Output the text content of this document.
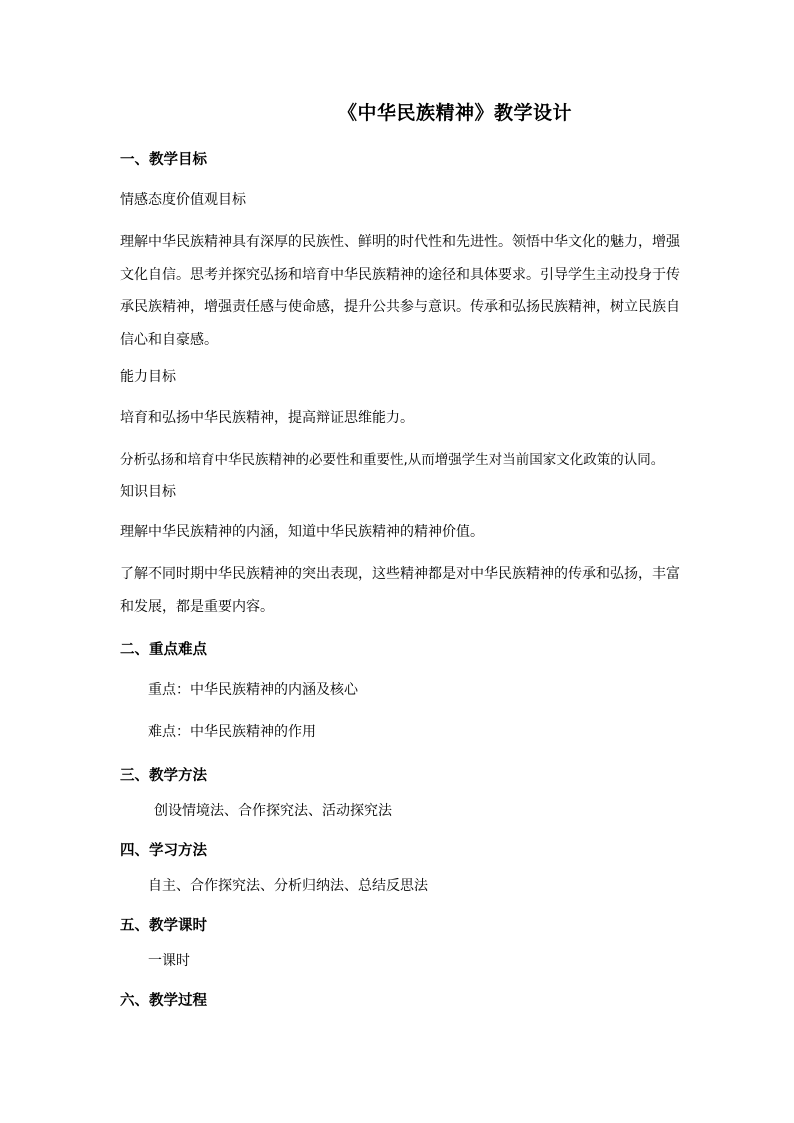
《中华民族精神》教学设计
一、教学目标
情感态度价值观目标
理解中华民族精神具有深厚的民族性、鲜明的时代性和先进性。领悟中华文化的魅力，增强
文化自信。思考并探究弘扬和培育中华民族精神的途径和具体要求。引导学生主动投身于传
承民族精神，增强责任感与使命感，提升公共参与意识。传承和弘扬民族精神，树立民族自
信心和自豪感。
能力目标
培育和弘扬中华民族精神，提高辩证思维能力。
分析弘扬和培育中华民族精神的必要性和重要性,从而增强学生对当前国家文化政策的认同。
知识目标
理解中华民族精神的内涵，知道中华民族精神的精神价值。
了解不同时期中华民族精神的突出表现，这些精神都是对中华民族精神的传承和弘扬，丰富
和发展，都是重要内容。
二、重点难点
重点：中华民族精神的内涵及核心
难点：中华民族精神的作用
三、教学方法
创设情境法、合作探究法、活动探究法
四、学习方法
自主、合作探究法、分析归纳法、总结反思法
五、教学课时
一课时
六、教学过程
